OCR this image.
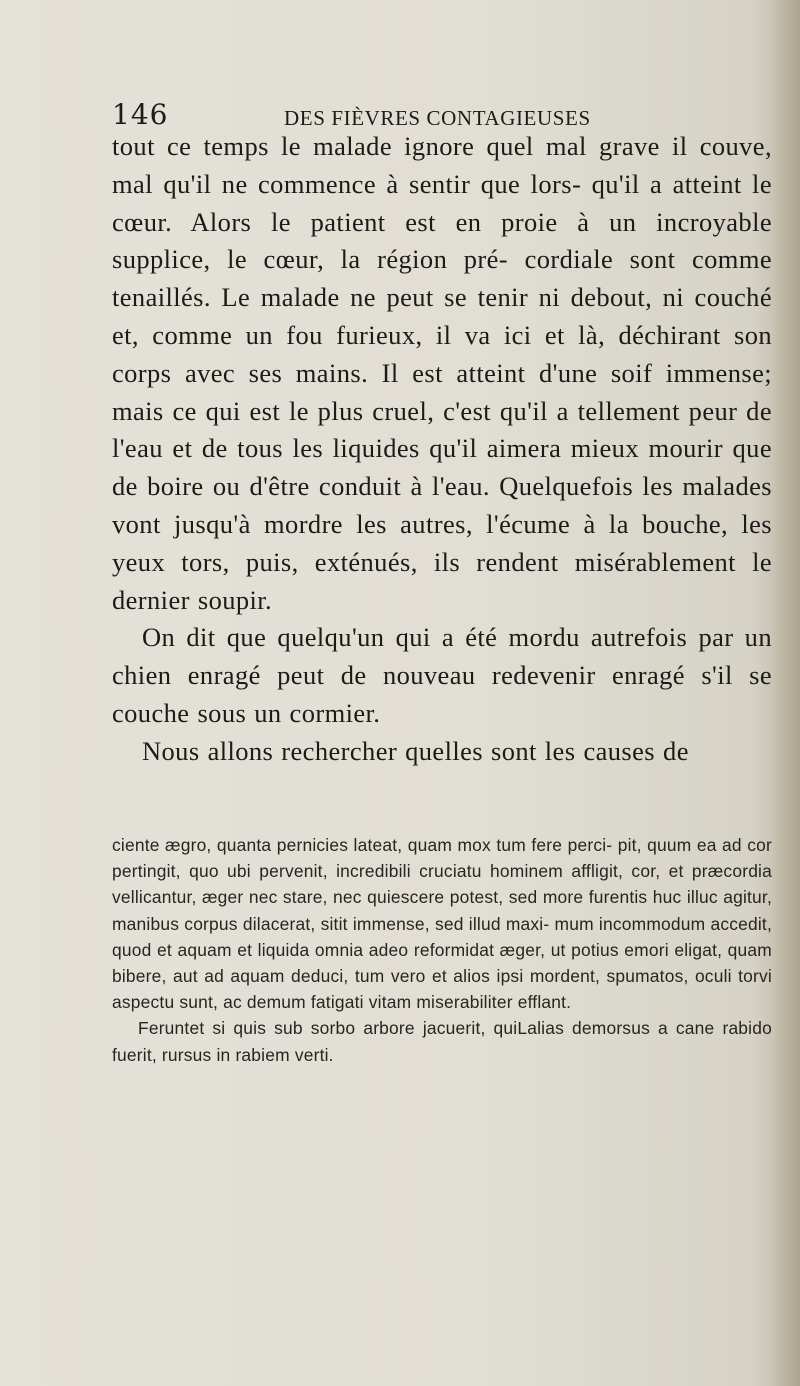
146	DES FIÈVRES CONTAGIEUSES

tout ce temps le malade ignore quel mal grave il couve, mal qu'il ne commence à sentir que lors- qu'il a atteint le cœur. Alors le patient est en proie à un incroyable supplice, le cœur, la région pré- cordiale sont comme tenaillés. Le malade ne peut se tenir ni debout, ni couché et, comme un fou furieux, il va ici et là, déchirant son corps avec ses mains. Il est atteint d'une soif immense; mais ce qui est le plus cruel, c'est qu'il a tellement peur de l'eau et de tous les liquides qu'il aimera mieux mourir que de boire ou d'être conduit à l'eau. Quelquefois les malades vont jusqu'à mordre les autres, l'écume à la bouche, les yeux tors, puis, exténués, ils rendent misérablement le dernier soupir.

On dit que quelqu'un qui a été mordu autrefois par un chien enragé peut de nouveau redevenir enragé s'il se couche sous un cormier.

Nous allons rechercher quelles sont les causes de

ciente ægro, quanta pernicies lateat, quam mox tum fere perci- pit, quum ea ad cor pertingit, quo ubi pervenit, incredibili cruciatu hominem affligit, cor, et præcordia vellicantur, æger nec stare, nec quiescere potest, sed more furentis huc illuc agitur, manibus corpus dilacerat, sitit immense, sed illud maxi- mum incommodum accedit, quod et aquam et liquida omnia adeo reformidat æger, ut potius emori eligat, quam bibere, aut ad aquam deduci, tum vero et alios ipsi mordent, spumatos, oculi torvi aspectu sunt, ac demum fatigati vitam miserabiliter efflant.

Feruntet si quis sub sorbo arbore jacuerit, quiLalias demorsus a cane rabido fuerit, rursus in rabiem verti.
